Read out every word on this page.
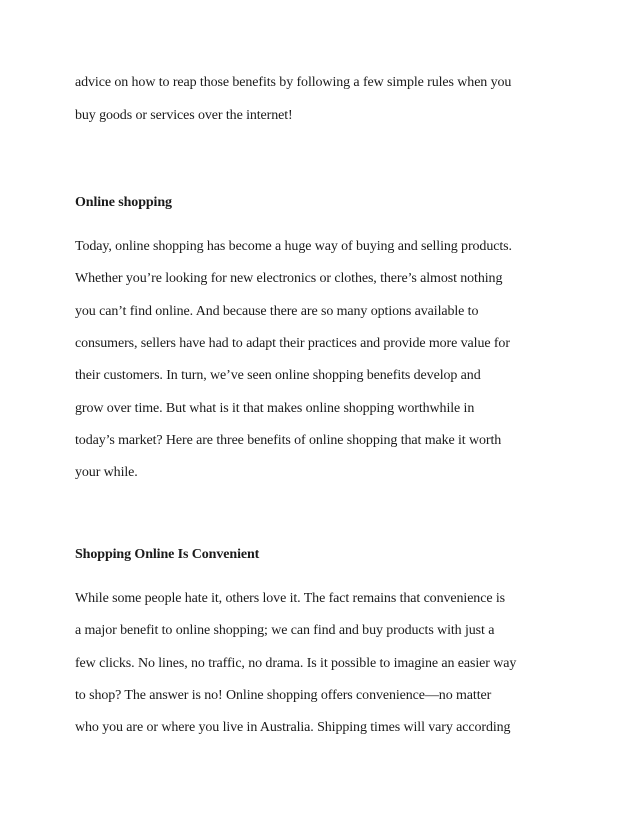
advice on how to reap those benefits by following a few simple rules when you
buy goods or services over the internet!
Online shopping
Today, online shopping has become a huge way of buying and selling products.
Whether you’re looking for new electronics or clothes, there’s almost nothing
you can’t find online. And because there are so many options available to
consumers, sellers have had to adapt their practices and provide more value for
their customers. In turn, we’ve seen online shopping benefits develop and
grow over time. But what is it that makes online shopping worthwhile in
today’s market? Here are three benefits of online shopping that make it worth
your while.
Shopping Online Is Convenient
While some people hate it, others love it. The fact remains that convenience is
a major benefit to online shopping; we can find and buy products with just a
few clicks. No lines, no traffic, no drama. Is it possible to imagine an easier way
to shop? The answer is no! Online shopping offers convenience—no matter
who you are or where you live in Australia. Shipping times will vary according
